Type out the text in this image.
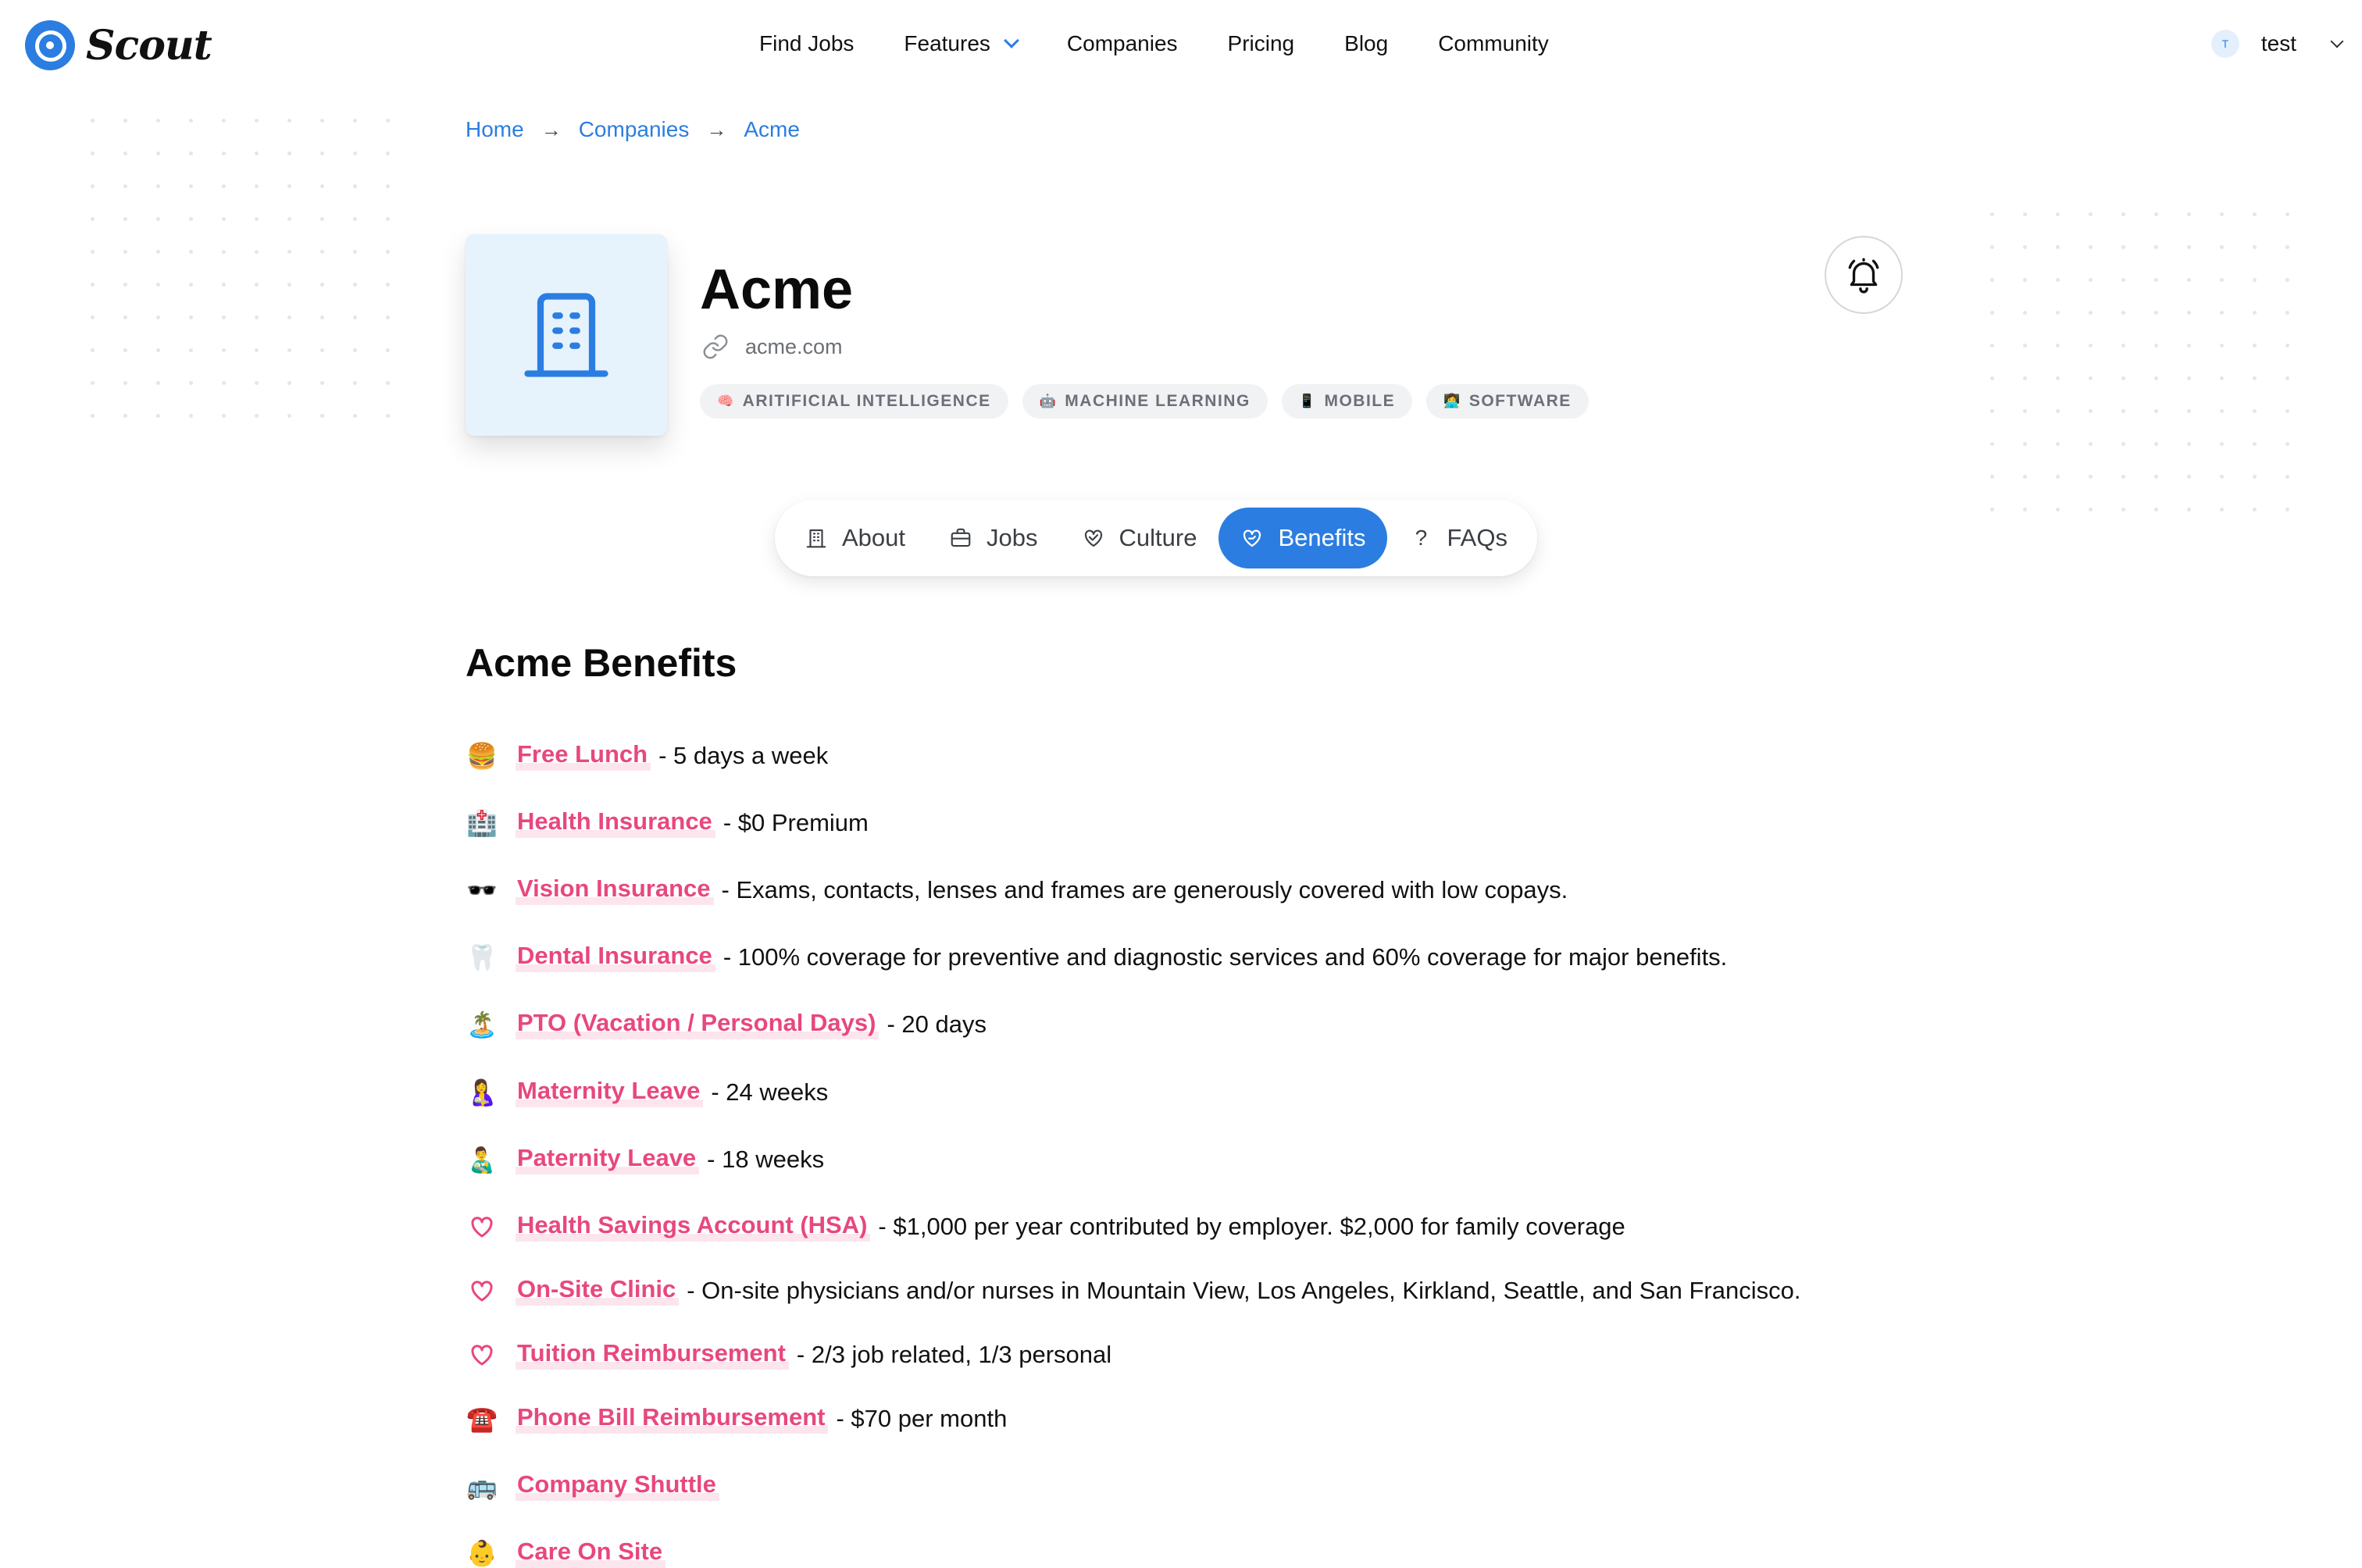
Scout	Find Jobs Features	Companies Pricing Blog Community	T	test
Home → Companies → Acme
Acme
acme.com
🧠 ARITIFICIAL INTELLIGENCE	🤖 MACHINE LEARNING	📱 MOBILE	👩‍💻 SOFTWARE
About	Jobs	Culture	Benefits ? FAQs
Acme Benefits
🍔 Free Lunch - 5 days a week
🏥 Health Insurance - $0 Premium
🕶️ Vision Insurance - Exams, contacts, lenses and frames are generously covered with low copays.
🦷 Dental Insurance - 100% coverage for preventive and diagnostic services and 60% coverage for major benefits.
🏝️ PTO (Vacation / Personal Days) - 20 days
🤱 Maternity Leave - 24 weeks
👨‍🍼 Paternity Leave - 18 weeks
Health Savings Account (HSA) - $1,000 per year contributed by employer. $2,000 for family coverage
On-Site Clinic - On-site physicians and/or nurses in Mountain View, Los Angeles, Kirkland, Seattle, and San Francisco.
Tuition Reimbursement - 2/3 job related, 1/3 personal
☎️ Phone Bill Reimbursement - $70 per month
🚌 Company Shuttle
👶 Care On Site
